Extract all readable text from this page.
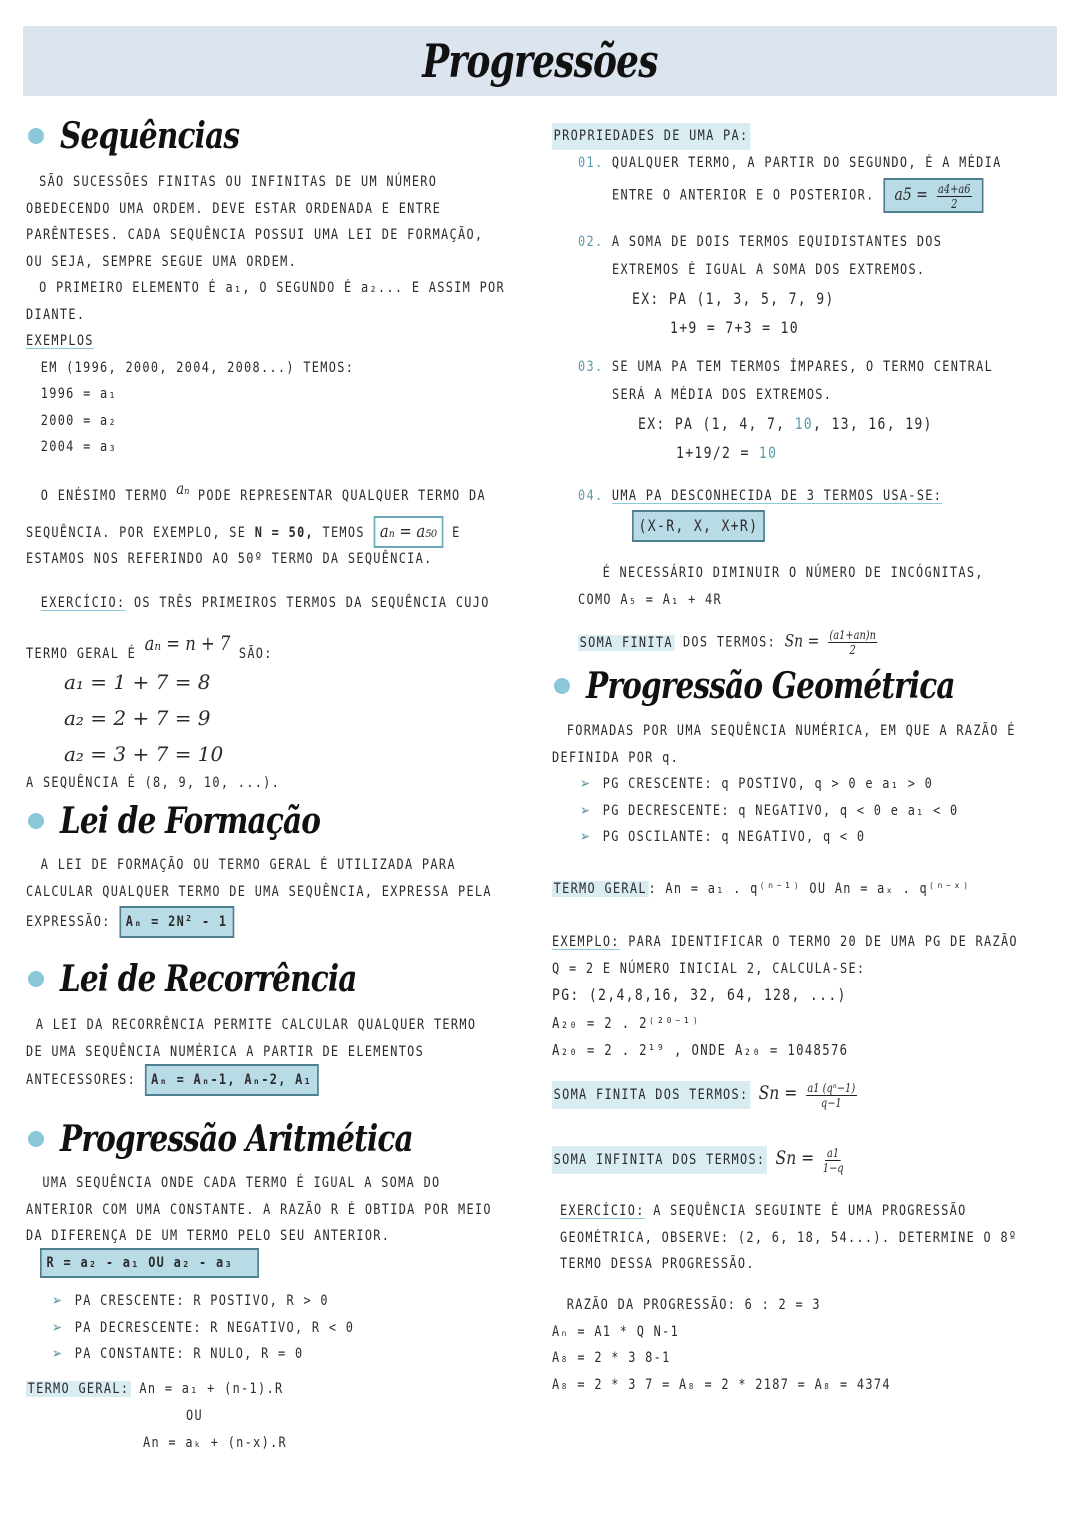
Progressões
Sequências
SÃO SUCESSÕES FINITAS OU INFINITAS DE UM NÚMERO
OBEDECENDO UMA ORDEM. DEVE ESTAR ORDENADA E ENTRE
PARÊNTESES. CADA SEQUÊNCIA POSSUI UMA LEI DE FORMAÇÃO,
OU SEJA, SEMPRE SEGUE UMA ORDEM.
O PRIMEIRO ELEMENTO É a₁, O SEGUNDO É a₂... E ASSIM POR
DIANTE.
EXEMPLOS
EM (1996, 2000, 2004, 2008...) TEMOS:
1996 = a₁
2000 = a₂
2004 = a₃
O ENÉSIMO TERMO aₙ PODE REPRESENTAR QUALQUER TERMO DA
SEQUÊNCIA. POR EXEMPLO, SE N = 50, TEMOS aₙ = a₅₀ E
ESTAMOS NOS REFERINDO AO 50º TERMO DA SEQUÊNCIA.
EXERCÍCIO: OS TRÊS PRIMEIROS TERMOS DA SEQUÊNCIA CUJO
TERMO GERAL É aₙ = n + 7 SÃO:
a₁ = 1 + 7 = 8
a₂ = 2 + 7 = 9
a₂ = 3 + 7 = 10
A SEQUÊNCIA É (8, 9, 10, ...).
Lei de Formação
A LEI DE FORMAÇÃO OU TERMO GERAL É UTILIZADA PARA
CALCULAR QUALQUER TERMO DE UMA SEQUÊNCIA, EXPRESSA PELA
EXPRESSÃO: Aₙ = 2N² - 1
Lei de Recorrência
A LEI DA RECORRÊNCIA PERMITE CALCULAR QUALQUER TERMO
DE UMA SEQUÊNCIA NUMÉRICA A PARTIR DE ELEMENTOS
ANTECESSORES: Aₙ = Aₙ-1, Aₙ-2, A₁
Progressão Aritmética
UMA SEQUÊNCIA ONDE CADA TERMO É IGUAL A SOMA DO
ANTERIOR COM UMA CONSTANTE. A RAZÃO R É OBTIDA POR MEIO
DA DIFERENÇA DE UM TERMO PELO SEU ANTERIOR.
R = a₂ - a₁ OU a₂ - a₃
➢ PA CRESCENTE: R POSTIVO, R > 0
➢ PA DECRESCENTE: R NEGATIVO, R < 0
➢ PA CONSTANTE: R NULO, R = 0
TERMO GERAL: An = a₁ + (n-1).R
OU
An = aₖ + (n-x).R
PROPRIEDADES DE UMA PA:
01. QUALQUER TERMO, A PARTIR DO SEGUNDO, É A MÉDIA
ENTRE O ANTERIOR E O POSTERIOR. $a5 = \frac{a4+a6}{2}$
02. A SOMA DE DOIS TERMOS EQUIDISTANTES DOS
EXTREMOS É IGUAL A SOMA DOS EXTREMOS.
EX: PA (1, 3, 5, 7, 9)
1+9 = 7+3 = 10
03. SE UMA PA TEM TERMOS ÍMPARES, O TERMO CENTRAL
SERÁ A MÉDIA DOS EXTREMOS.
EX: PA (1, 4, 7, 10, 13, 16, 19)
1+19/2 = 10
04. UMA PA DESCONHECIDA DE 3 TERMOS USA-SE:
(X-R, X, X+R)
É NECESSÁRIO DIMINUIR O NÚMERO DE INCÓGNITAS,
COMO A₅ = A₁ + 4R
SOMA FINITA DOS TERMOS: $Sn = \frac{(a1+an)n}{2}$
Progressão Geométrica
FORMADAS POR UMA SEQUÊNCIA NUMÉRICA, EM QUE A RAZÃO É
DEFINIDA POR q.
➢ PG CRESCENTE: q POSTIVO, q > 0 e a₁ > 0
➢ PG DECRESCENTE: q NEGATIVO, q < 0 e a₁ < 0
➢ PG OSCILANTE: q NEGATIVO, q < 0
TERMO GERAL : An = a₁ . q⁽ⁿ⁻¹⁾ OU An = aₓ . q⁽ⁿ⁻ˣ⁾
EXEMPLO: PARA IDENTIFICAR O TERMO 20 DE UMA PG DE RAZÃO
Q = 2 E NÚMERO INICIAL 2, CALCULA-SE:
PG: (2,4,8,16, 32, 64, 128, ...)
A₂₀ = 2 . 2⁽²⁰⁻¹⁾
A₂₀ = 2 . 2¹⁹ , ONDE A₂₀ = 1048576
SOMA FINITA DOS TERMOS: $Sn = \frac{\text{a1 (qⁿ−1)}}{q-1}$
SOMA INFINITA DOS TERMOS: $Sn = \frac{a1}{1-q}$
EXERCÍCIO: A SEQUÊNCIA SEGUINTE É UMA PROGRESSÃO
GEOMÉTRICA, OBSERVE: (2, 6, 18, 54...). DETERMINE O 8º
TERMO DESSA PROGRESSÃO.
RAZÃO DA PROGRESSÃO: 6 : 2 = 3
Aₙ = A1 * Q N-1
A₈ = 2 * 3 8-1
A₈ = 2 * 3 7 = A₈ = 2 * 2187 = A₈ = 4374
